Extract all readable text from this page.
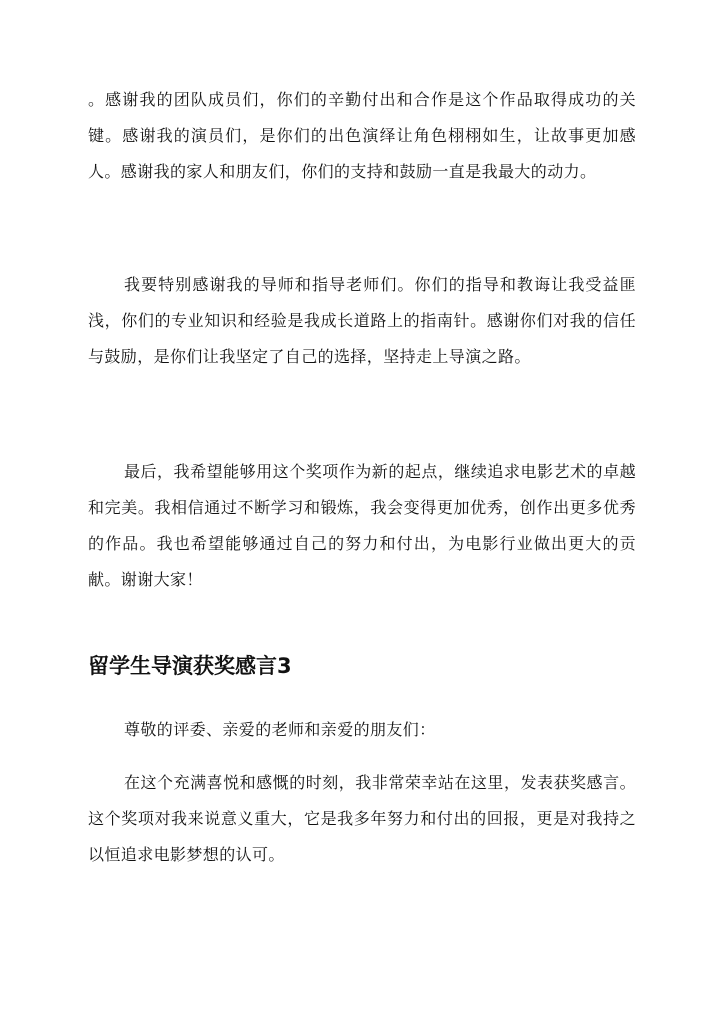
。感谢我的团队成员们，你们的辛勤付出和合作是这个作品取得成功的关键。感谢我的演员们，是你们的出色演绎让角色栩栩如生，让故事更加感人。感谢我的家人和朋友们，你们的支持和鼓励一直是我最大的动力。

我要特别感谢我的导师和指导老师们。你们的指导和教诲让我受益匪浅，你们的专业知识和经验是我成长道路上的指南针。感谢你们对我的信任与鼓励，是你们让我坚定了自己的选择，坚持走上导演之路。

最后，我希望能够用这个奖项作为新的起点，继续追求电影艺术的卓越和完美。我相信通过不断学习和锻炼，我会变得更加优秀，创作出更多优秀的作品。我也希望能够通过自己的努力和付出，为电影行业做出更大的贡献。谢谢大家！

留学生导演获奖感言3

尊敬的评委、亲爱的老师和亲爱的朋友们：

在这个充满喜悦和感慨的时刻，我非常荣幸站在这里，发表获奖感言。这个奖项对我来说意义重大，它是我多年努力和付出的回报，更是对我持之以恒追求电影梦想的认可。
